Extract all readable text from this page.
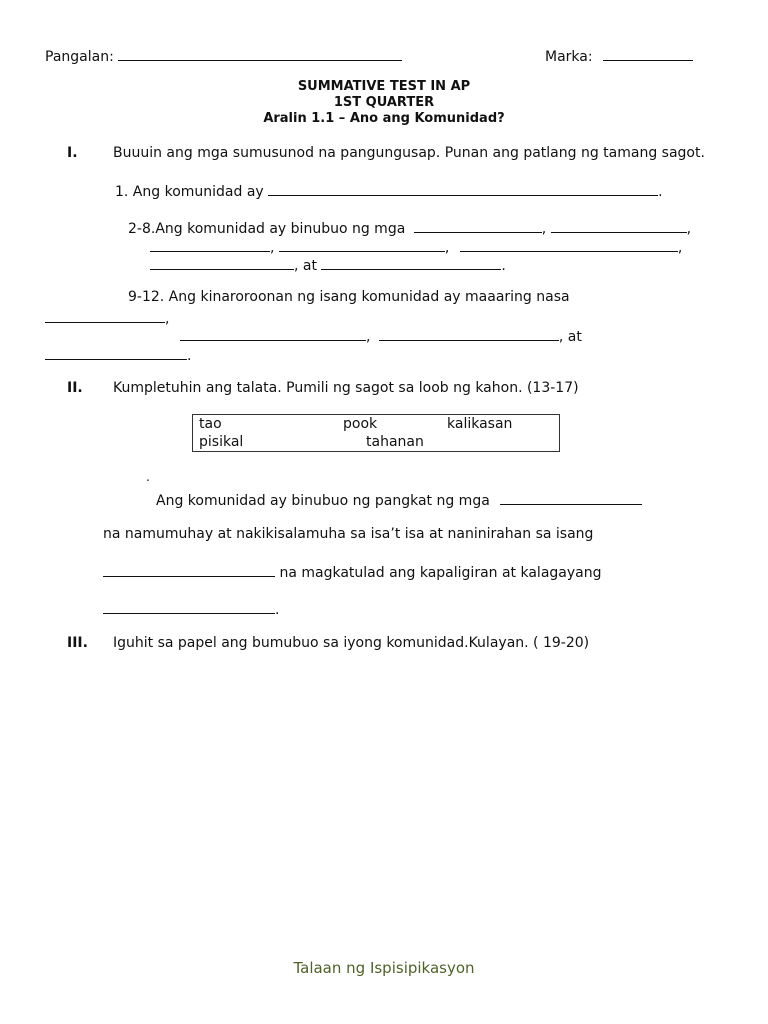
Pangalan:	Marka:
SUMMATIVE TEST IN AP
1ST QUARTER
Aralin 1.1 – Ano ang Komunidad?
I.	Buuuin ang mga sumusunod na pangungusap. Punan ang patlang ng tamang sagot.
1. Ang komunidad ay	.
2-8.Ang komunidad ay binubuo ng mga	,	,
,	,	,
, at	.
9-12. Ang kinaroroonan ng isang komunidad ay maaaring nasa
,
,	, at
.
II. Kumpletuhin ang talata. Pumili ng sagot sa loob ng kahon. (13-17)
tao	pook	kalikasan
pisikal	tahanan
.
Ang komunidad ay binubuo ng pangkat ng mga
na namumuhay at nakikisalamuha sa isa’t isa at naninirahan sa isang
na magkatulad ang kapaligiran at kalagayang
.
III. Iguhit sa papel ang bumubuo sa iyong komunidad.Kulayan. ( 19-20)
Talaan ng Ispisipikasyon
